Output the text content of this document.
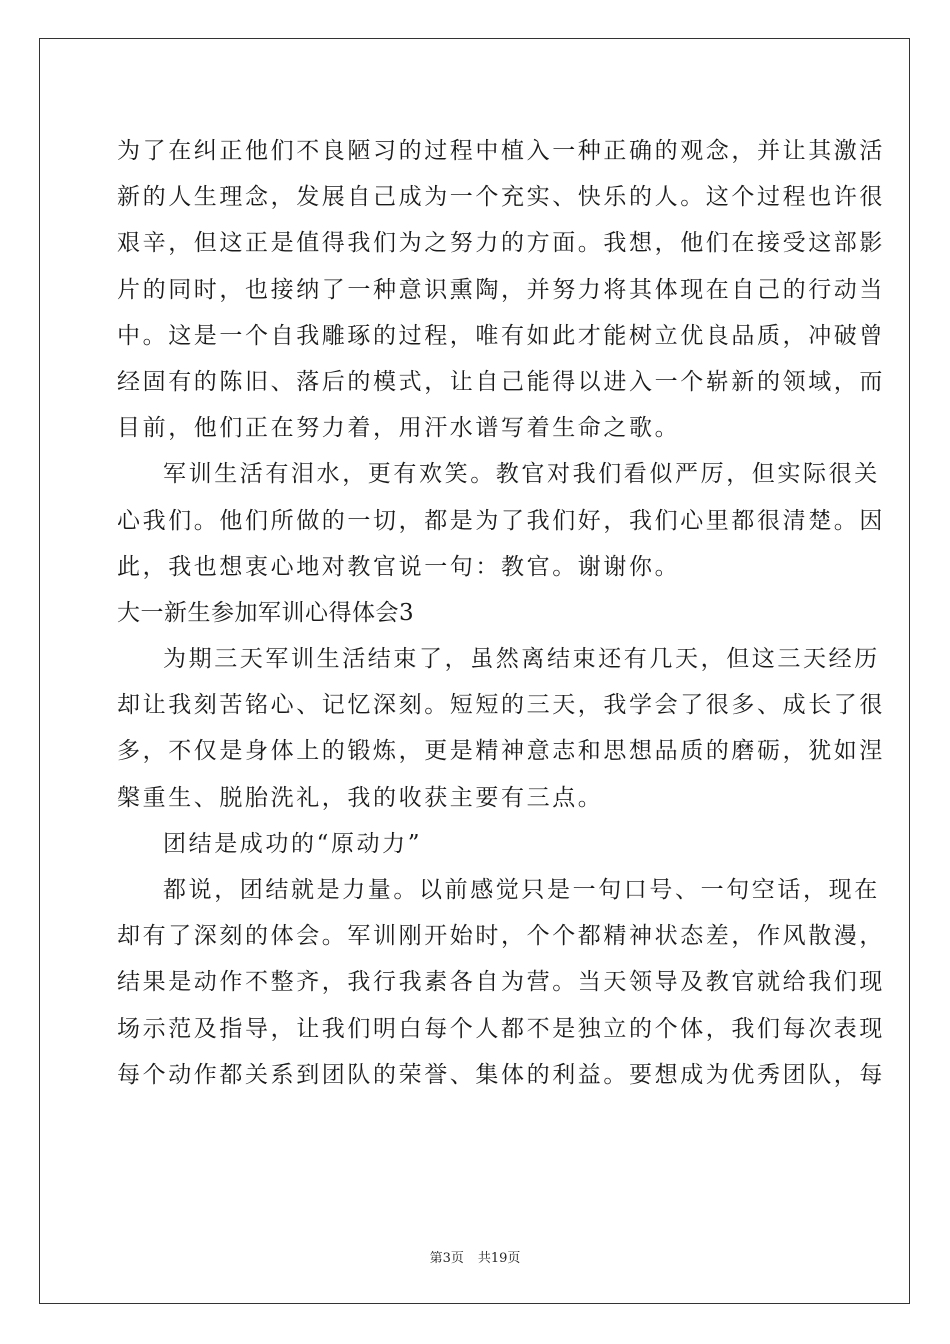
为了在纠正他们不良陋习的过程中植入一种正确的观念，并让其激活
新的人生理念，发展自己成为一个充实、快乐的人。这个过程也许很
艰辛，但这正是值得我们为之努力的方面。我想，他们在接受这部影
片的同时，也接纳了一种意识熏陶，并努力将其体现在自己的行动当
中。这是一个自我雕琢的过程，唯有如此才能树立优良品质，冲破曾
经固有的陈旧、落后的模式，让自己能得以进入一个崭新的领域，而
目前，他们正在努力着，用汗水谱写着生命之歌。
军训生活有泪水，更有欢笑。教官对我们看似严厉，但实际很关
心我们。他们所做的一切，都是为了我们好，我们心里都很清楚。因
此，我也想衷心地对教官说一句：教官。谢谢你。
大一新生参加军训心得体会3
为期三天军训生活结束了，虽然离结束还有几天，但这三天经历
却让我刻苦铭心、记忆深刻。短短的三天，我学会了很多、成长了很
多，不仅是身体上的锻炼，更是精神意志和思想品质的磨砺，犹如涅
槃重生、脱胎洗礼，我的收获主要有三点。
团结是成功的“原动力”
都说，团结就是力量。以前感觉只是一句口号、一句空话，现在
却有了深刻的体会。军训刚开始时，个个都精神状态差，作风散漫，
结果是动作不整齐，我行我素各自为营。当天领导及教官就给我们现
场示范及指导，让我们明白每个人都不是独立的个体，我们每次表现
每个动作都关系到团队的荣誉、集体的利益。要想成为优秀团队，每
第3页 共19页
